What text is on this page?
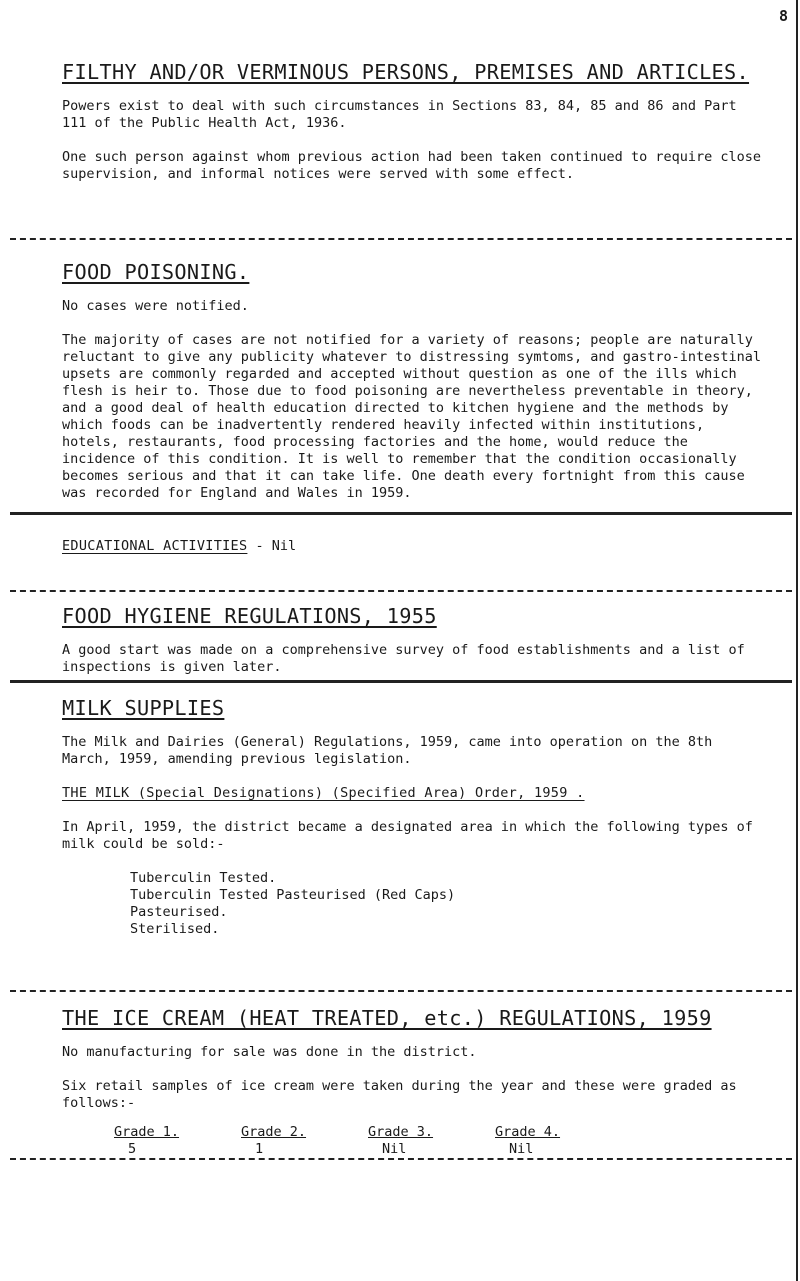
8
FILTHY AND/OR VERMINOUS PERSONS, PREMISES AND ARTICLES.

Powers exist to deal with such circumstances in Sections 83, 84, 85 and 86 and Part 111 of the Public Health Act, 1936.

One such person against whom previous action had been taken continued to require close supervision, and informal notices were served with some effect.

FOOD POISONING.

No cases were notified.

The majority of cases are not notified for a variety of reasons; people are naturally reluctant to give any publicity whatever to distressing symtoms, and gastro-intestinal upsets are commonly regarded and accepted without question as one of the ills which flesh is heir to. Those due to food poisoning are nevertheless preventable in theory, and a good deal of health education directed to kitchen hygiene and the methods by which foods can be inadvertently rendered heavily infected within institutions, hotels, restaurants, food processing factories and the home, would reduce the incidence of this condition. It is well to remember that the condition occasionally becomes serious and that it can take life. One death every fortnight from this cause was recorded for England and Wales in 1959.

EDUCATIONAL ACTIVITIES - Nil

FOOD HYGIENE REGULATIONS, 1955

A good start was made on a comprehensive survey of food establishments and a list of inspections is given later.

MILK SUPPLIES

The Milk and Dairies (General) Regulations, 1959, came into operation on the 8th March, 1959, amending previous legislation.

THE MILK (Special Designations) (Specified Area) Order, 1959 .

In April, 1959, the district became a designated area in which the following types of milk could be sold:-

Tuberculin Tested.

Tuberculin Tested Pasteurised (Red Caps)

Pasteurised.

Sterilised.

THE ICE CREAM (HEAT TREATED, etc.) REGULATIONS, 1959

No manufacturing for sale was done in the district.

Six retail samples of ice cream were taken during the year and these were graded as follows:-

Grade 1.
5
Grade 2.
1
Grade 3.
Nil
Grade 4.
Nil
